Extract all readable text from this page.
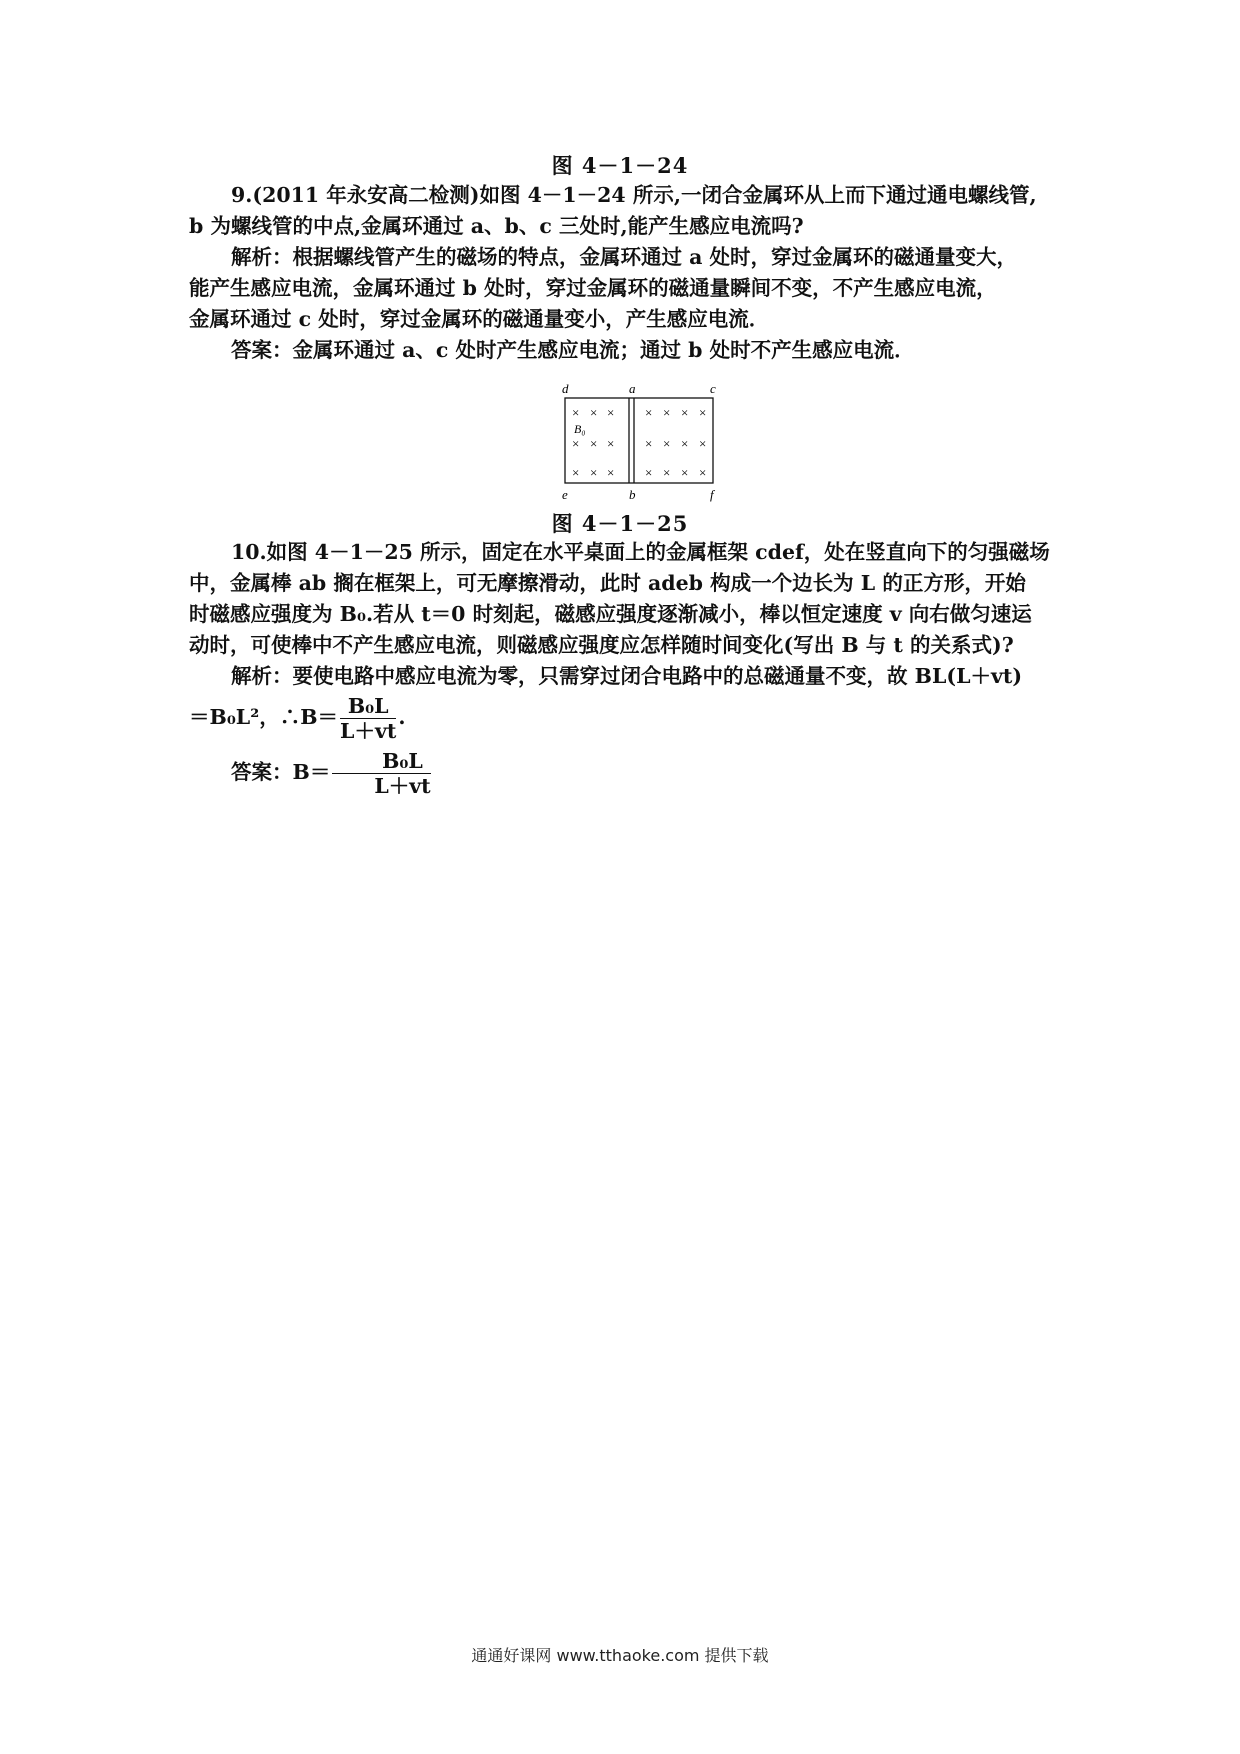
图 4－1－24

9.(2011 年永安高二检测)如图 4－1－24 所示,一闭合金属环从上而下通过通电螺线管,

b 为螺线管的中点,金属环通过 a、b、c 三处时,能产生感应电流吗?

解析：根据螺线管产生的磁场的特点，金属环通过 a 处时，穿过金属环的磁通量变大，

能产生感应电流，金属环通过 b 处时，穿过金属环的磁通量瞬间不变，不产生感应电流，

金属环通过 c 处时，穿过金属环的磁通量变小，产生感应电流．

答案：金属环通过 a、c 处时产生感应电流；通过 b 处时不产生感应电流．

d	a	c
e	b	f
B₀
× × × × × × ×
× × × × × × ×
× × × × × × ×
图 4－1－25

10.如图 4－1－25 所示，固定在水平桌面上的金属框架 cdef，处在竖直向下的匀强磁场

中，金属棒 ab 搁在框架上，可无摩擦滑动，此时 adeb 构成一个边长为 L 的正方形，开始

时磁感应强度为 B₀.若从 t＝0 时刻起，磁感应强度逐渐减小，棒以恒定速度 v 向右做匀速运

动时，可使棒中不产生感应电流，则磁感应强度应怎样随时间变化(写出 B 与 t 的关系式)?

解析：要使电路中感应电流为零，只需穿过闭合电路中的总磁通量不变，故 BL(L＋vt)

＝B₀L²，∴B＝ $\frac{\text{B₀L}}{L+vt}$ .

答案：$B= \frac{\text{B₀L}}{L+vt}$

通通好课网 www.tthaoke.com 提供下载
